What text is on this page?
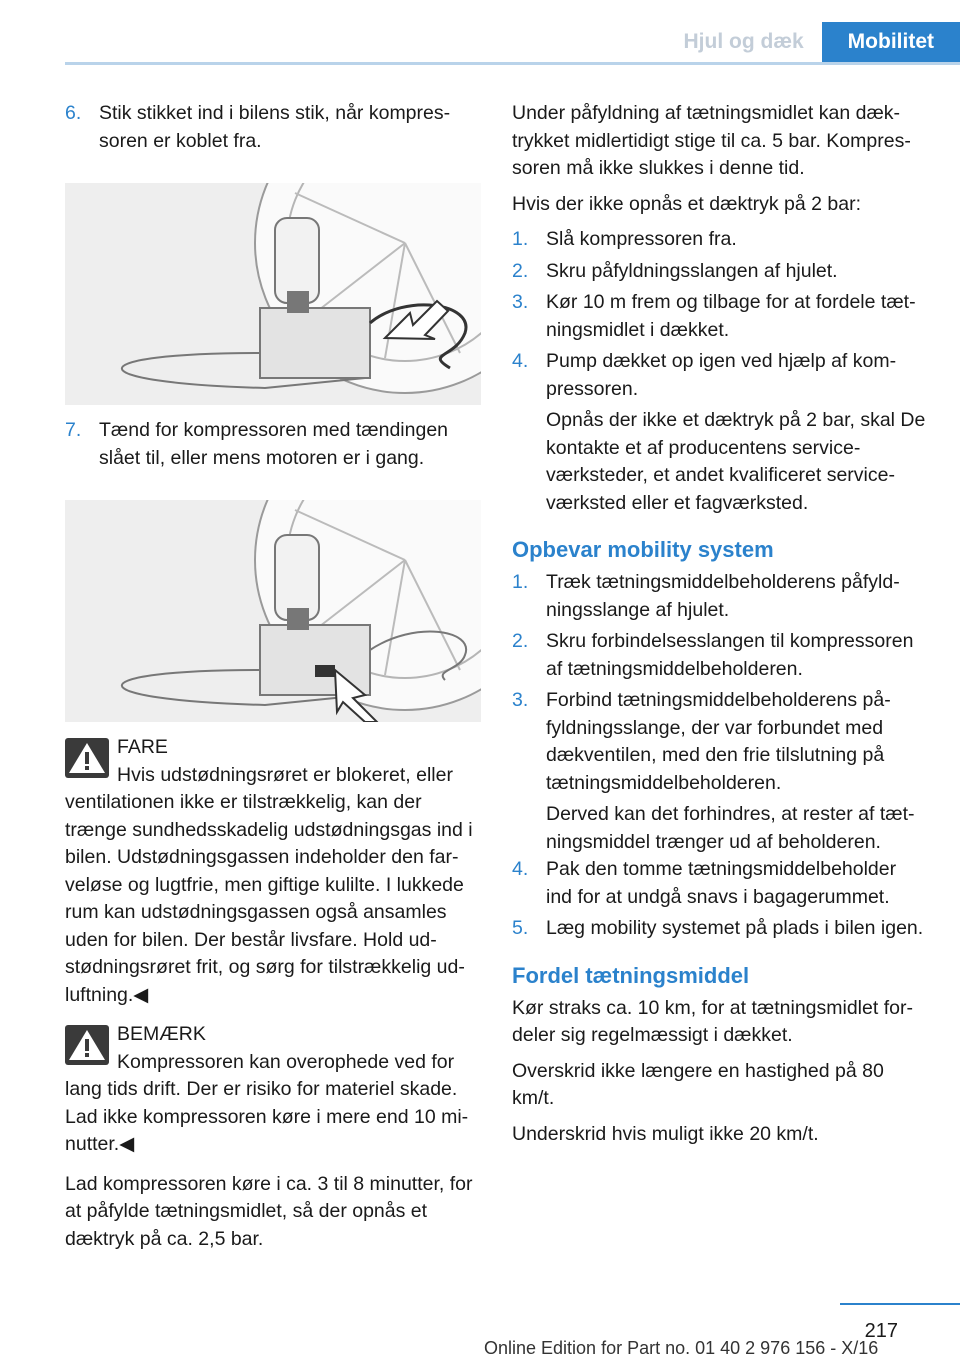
Hjul og dæk	Mobilitet
6. Stik stikket ind i bilens stik, når kompres‐soren er koblet fra.
7. Tænd for kompressoren med tændingen slået til, eller mens motoren er i gang.
FARE
Hvis udstødningsrøret er blokeret, eller ventilationen ikke er tilstrækkelig, kan der trænge sundhedsskadelig udstødningsgas ind i bilen. Udstødningsgassen indeholder den far‐veløse og lugtfrie, men giftige kulilte. I lukkede rum kan udstødningsgassen også ansamles uden for bilen. Der består livsfare. Hold ud‐stødningsrøret frit, og sørg for tilstrækkelig ud‐luftning.◀
BEMÆRK
Kompressoren kan overophede ved for lang tids drift. Der er risiko for materiel skade. Lad ikke kompressoren køre i mere end 10 mi‐nutter.◀

Lad kompressoren køre i ca. 3 til 8 minutter, for at påfylde tætningsmidlet, så der opnås et dæktryk på ca. 2,5 bar.

Under påfyldning af tætningsmidlet kan dæk‐trykket midlertidigt stige til ca. 5 bar. Kompres‐soren må ikke slukkes i denne tid.

Hvis der ikke opnås et dæktryk på 2 bar:

1. Slå kompressoren fra.
2. Skru påfyldningsslangen af hjulet.
3. Kør 10 m frem og tilbage for at fordele tæt‐ningsmidlet i dækket.
4. Pump dækket op igen ved hjælp af kom‐pressoren.
Opnås der ikke et dæktryk på 2 bar, skal De kontakte et af producentens service‐værksteder, et andet kvalificeret service‐værksted eller et fagværksted.
Opbevar mobility system
1. Træk tætningsmiddelbeholderens påfyld‐ningsslange af hjulet.
2. Skru forbindelsesslangen til kompressoren af tætningsmiddelbeholderen.
3. Forbind tætningsmiddelbeholderens på‐fyldningsslange, der var forbundet med dækventilen, med den frie tilslutning på tætningsmiddelbeholderen.
Derved kan det forhindres, at rester af tæt‐ningsmiddel trænger ud af beholderen.
4. Pak den tomme tætningsmiddelbeholder ind for at undgå snavs i bagagerummet.
5. Læg mobility systemet på plads i bilen igen.
Fordel tætningsmiddel

Kør straks ca. 10 km, for at tætningsmidlet for‐deler sig regelmæssigt i dækket.

Overskrid ikke længere en hastighed på 80 km/t.

Underskrid hvis muligt ikke 20 km/t.

217
Online Edition for Part no. 01 40 2 976 156 - X/16
